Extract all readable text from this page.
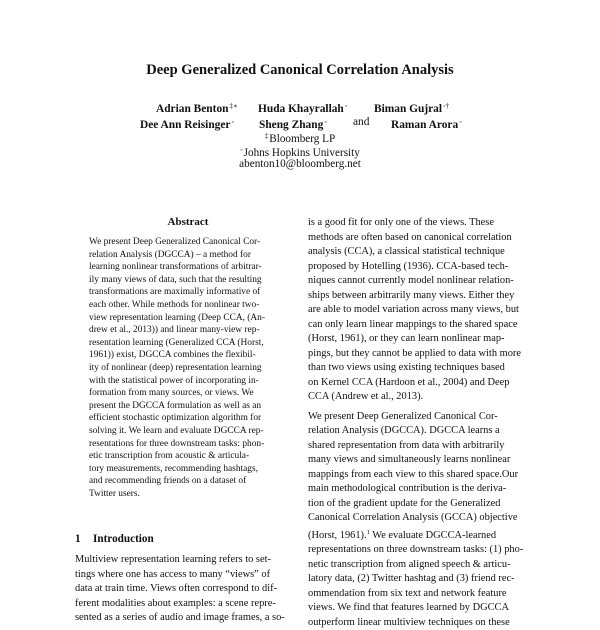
Deep Generalized Canonical Correlation Analysis
Adrian Benton‡∗ Huda Khayrallah◦ Biman Gujral◦†
Dee Ann Reisinger◦ Sheng Zhang◦ and Raman Arora◦
‡Bloomberg LP
◦Johns Hopkins University
abenton10@bloomberg.net
Abstract
We present Deep Generalized Canonical Cor-
relation Analysis (DGCCA) – a method for
learning nonlinear transformations of arbitrar-
ily many views of data, such that the resulting
transformations are maximally informative of
each other. While methods for nonlinear two-
view representation learning (Deep CCA, (An-
drew et al., 2013)) and linear many-view rep-
resentation learning (Generalized CCA (Horst,
1961)) exist, DGCCA combines the flexibil-
ity of nonlinear (deep) representation learning
with the statistical power of incorporating in-
formation from many sources, or views. We
present the DGCCA formulation as well as an
efficient stochastic optimization algorithm for
solving it. We learn and evaluate DGCCA rep-
resentations for three downstream tasks: phon-
etic transcription from acoustic & articula-
tory measurements, recommending hashtags,
and recommending friends on a dataset of
Twitter users.
1 Introduction
Multiview representation learning refers to set-
tings where one has access to many “views” of
data at train time. Views often correspond to dif-
ferent modalities about examples: a scene repre-
sented as a series of audio and image frames, a so-
is a good fit for only one of the views. These
methods are often based on canonical correlation
analysis (CCA), a classical statistical technique
proposed by Hotelling (1936). CCA-based tech-
niques cannot currently model nonlinear relation-
ships between arbitrarily many views. Either they
are able to model variation across many views, but
can only learn linear mappings to the shared space
(Horst, 1961), or they can learn nonlinear map-
pings, but they cannot be applied to data with more
than two views using existing techniques based
on Kernel CCA (Hardoon et al., 2004) and Deep
CCA (Andrew et al., 2013).
We present Deep Generalized Canonical Cor-
relation Analysis (DGCCA). DGCCA learns a
shared representation from data with arbitrarily
many views and simultaneously learns nonlinear
mappings from each view to this shared space.Our
main methodological contribution is the deriva-
tion of the gradient update for the Generalized
Canonical Correlation Analysis (GCCA) objective
(Horst, 1961).$^1$ We evaluate DGCCA-learned
representations on three downstream tasks: (1) pho-
netic transcription from aligned speech & articu-
latory data, (2) Twitter hashtag and (3) friend rec-
ommendation from six text and network feature
views. We find that features learned by DGCCA
outperform linear multiview techniques on these
